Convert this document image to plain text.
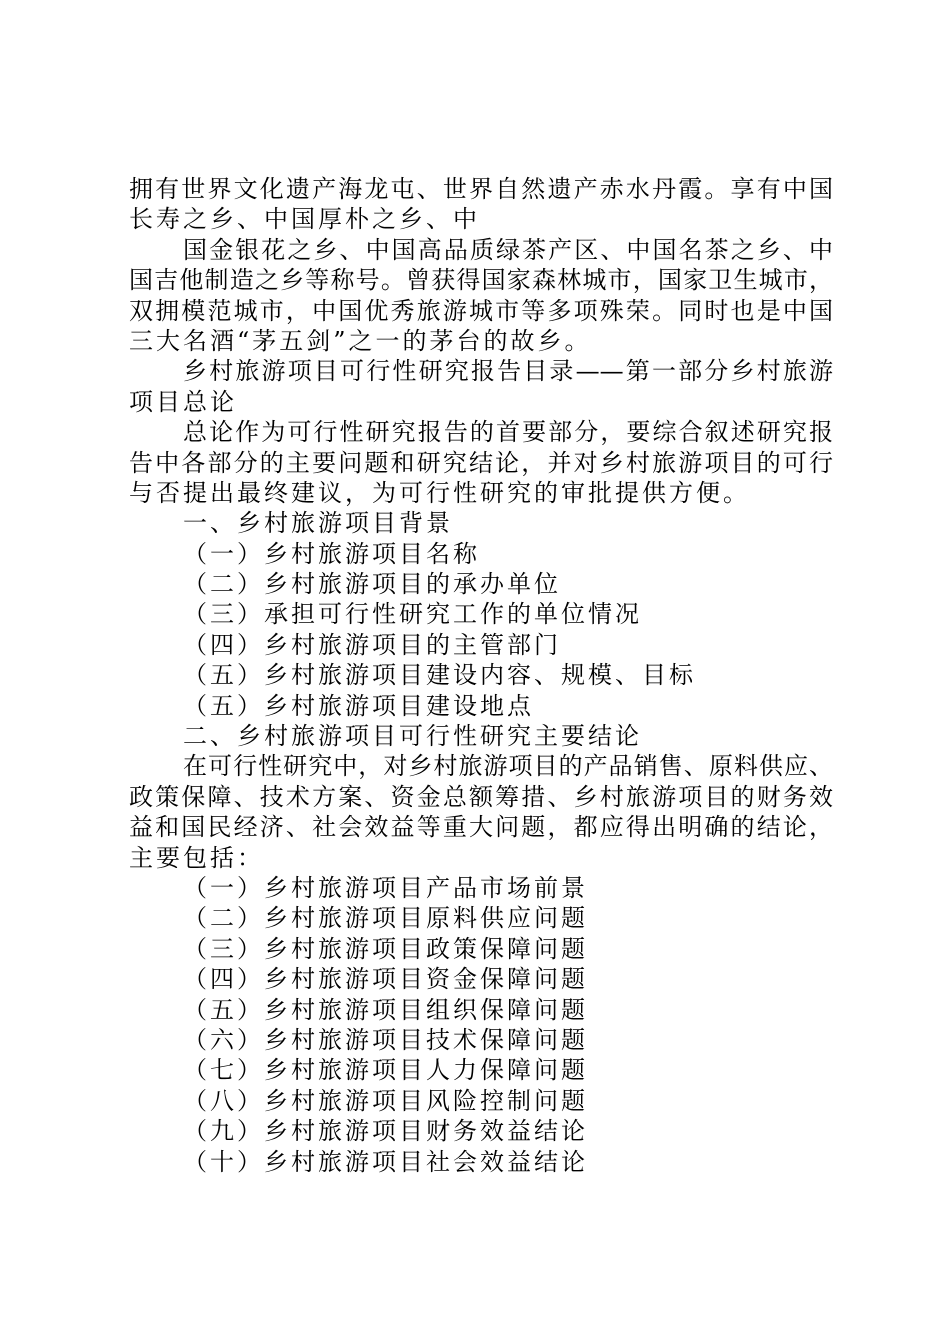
拥有世界文化遗产海龙屯、世界自然遗产赤水丹霞。享有中国
长寿之乡、中国厚朴之乡、中
国金银花之乡、中国高品质绿茶产区、中国名茶之乡、中
国吉他制造之乡等称号。曾获得国家森林城市，国家卫生城市，
双拥模范城市，中国优秀旅游城市等多项殊荣。同时也是中国
三大名酒“茅五剑”之一的茅台的故乡。
乡村旅游项目可行性研究报告目录——第一部分乡村旅游
项目总论
总论作为可行性研究报告的首要部分，要综合叙述研究报
告中各部分的主要问题和研究结论，并对乡村旅游项目的可行
与否提出最终建议，为可行性研究的审批提供方便。
一、乡村旅游项目背景
（一）乡村旅游项目名称
（二）乡村旅游项目的承办单位
（三）承担可行性研究工作的单位情况
（四）乡村旅游项目的主管部门
（五）乡村旅游项目建设内容、规模、目标
（五）乡村旅游项目建设地点
二、乡村旅游项目可行性研究主要结论
在可行性研究中，对乡村旅游项目的产品销售、原料供应、
政策保障、技术方案、资金总额筹措、乡村旅游项目的财务效
益和国民经济、社会效益等重大问题，都应得出明确的结论，
主要包括：
（一）乡村旅游项目产品市场前景
（二）乡村旅游项目原料供应问题
（三）乡村旅游项目政策保障问题
（四）乡村旅游项目资金保障问题
（五）乡村旅游项目组织保障问题
（六）乡村旅游项目技术保障问题
（七）乡村旅游项目人力保障问题
（八）乡村旅游项目风险控制问题
（九）乡村旅游项目财务效益结论
（十）乡村旅游项目社会效益结论
